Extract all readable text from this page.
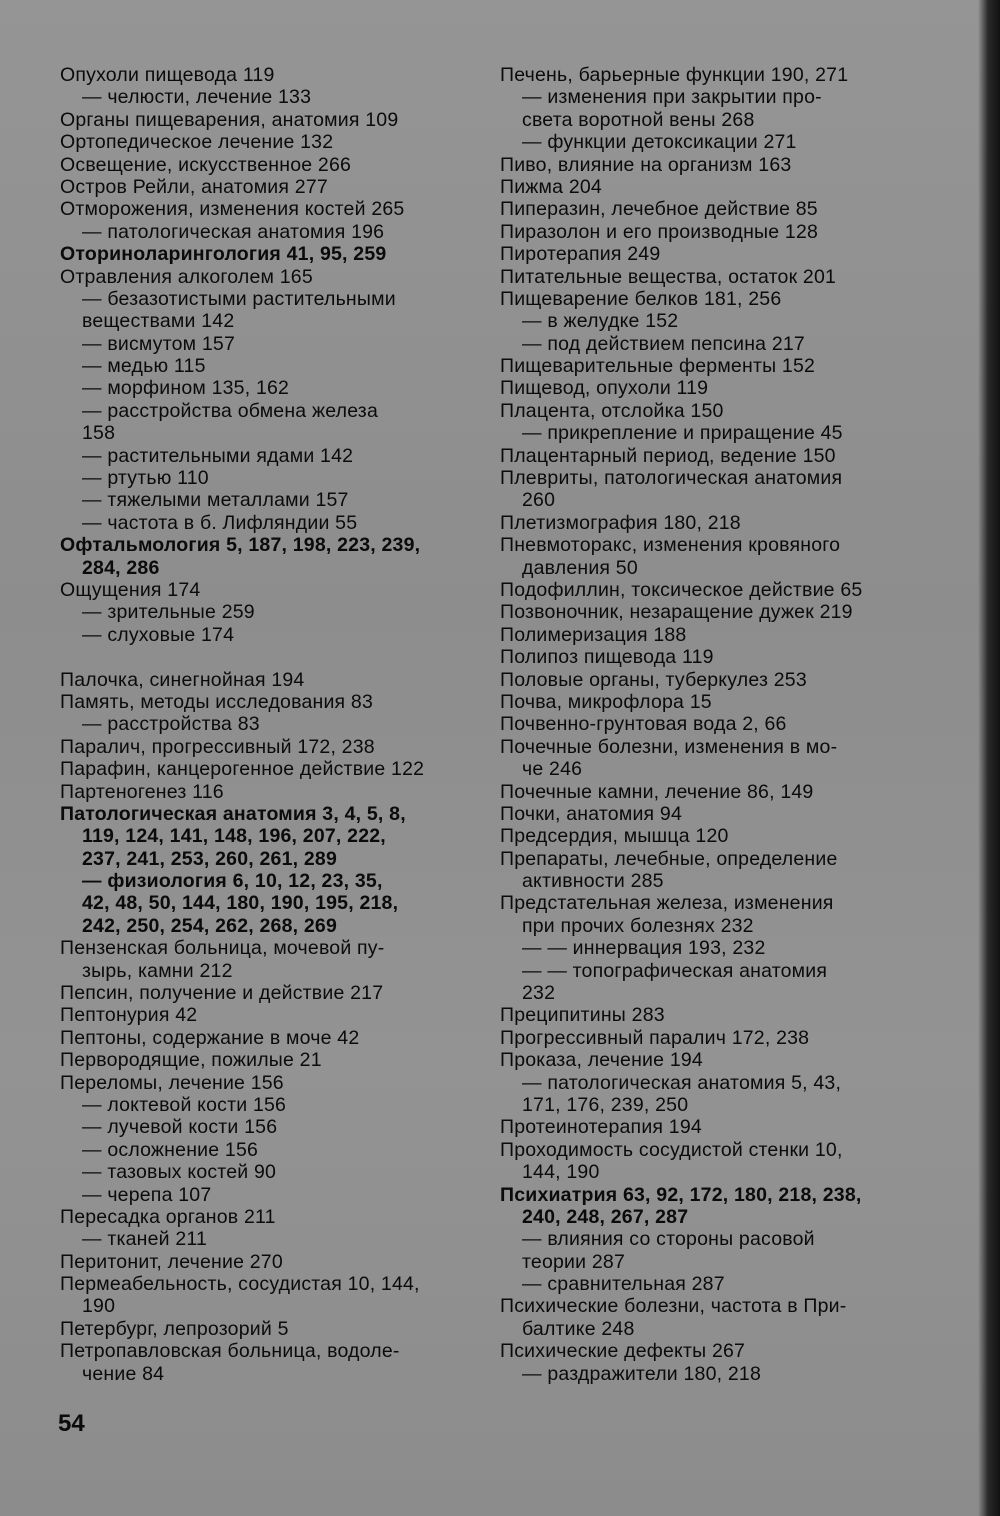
Опухоли пищевода 119
— челюсти, лечение 133
Органы пищеварения, анатомия 109
Ортопедическое лечение 132
Освещение, искусственное 266
Остров Рейли, анатомия 277
Отморожения, изменения костей 265
— патологическая анатомия 196
Оториноларингология 41, 95, 259
Отравления алкоголем 165
— безазотистыми растительными
веществами 142
— висмутом 157
— медью 115
— морфином 135, 162
— расстройства обмена железа
158
— растительными ядами 142
— ртутью 110
— тяжелыми металлами 157
— частота в б. Лифляндии 55
Офтальмология 5, 187, 198, 223, 239,
284, 286
Ощущения 174
— зрительные 259
— слуховые 174
Палочка, синегнойная 194
Память, методы исследования 83
— расстройства 83
Паралич, прогрессивный 172, 238
Парафин, канцерогенное действие 122
Партеногенез 116
Патологическая анатомия 3, 4, 5, 8,
119, 124, 141, 148, 196, 207, 222,
237, 241, 253, 260, 261, 289
— физиология 6, 10, 12, 23, 35,
42, 48, 50, 144, 180, 190, 195, 218,
242, 250, 254, 262, 268, 269
Пензенская больница, мочевой пу-
зырь, камни 212
Пепсин, получение и действие 217
Пептонурия 42
Пептоны, содержание в моче 42
Первородящие, пожилые 21
Переломы, лечение 156
— локтевой кости 156
— лучевой кости 156
— осложнение 156
— тазовых костей 90
— черепа 107
Пересадка органов 211
— тканей 211
Перитонит, лечение 270
Пермеабельность, сосудистая 10, 144,
190
Петербург, лепрозорий 5
Петропавловская больница, водоле-
чение 84
Печень, барьерные функции 190, 271
— изменения при закрытии про-
света воротной вены 268
— функции детоксикации 271
Пиво, влияние на организм 163
Пижма 204
Пиперазин, лечебное действие 85
Пиразолон и его производные 128
Пиротерапия 249
Питательные вещества, остаток 201
Пищеварение белков 181, 256
— в желудке 152
— под действием пепсина 217
Пищеварительные ферменты 152
Пищевод, опухоли 119
Плацента, отслойка 150
— прикрепление и приращение 45
Плацентарный период, ведение 150
Плевриты, патологическая анатомия
260
Плетизмография 180, 218
Пневмоторакс, изменения кровяного
давления 50
Подофиллин, токсическое действие 65
Позвоночник, незаращение дужек 219
Полимеризация 188
Полипоз пищевода 119
Половые органы, туберкулез 253
Почва, микрофлора 15
Почвенно-грунтовая вода 2, 66
Почечные болезни, изменения в мо-
че 246
Почечные камни, лечение 86, 149
Почки, анатомия 94
Предсердия, мышца 120
Препараты, лечебные, определение
активности 285
Предстательная железа, изменения
при прочих болезнях 232
— — иннервация 193, 232
— — топографическая анатомия
232
Преципитины 283
Прогрессивный паралич 172, 238
Проказа, лечение 194
— патологическая анатомия 5, 43,
171, 176, 239, 250
Протеинотерапия 194
Проходимость сосудистой стенки 10,
144, 190
Психиатрия 63, 92, 172, 180, 218, 238,
240, 248, 267, 287
— влияния со стороны расовой
теории 287
— сравнительная 287
Психические болезни, частота в При-
балтике 248
Психические дефекты 267
— раздражители 180, 218
54
